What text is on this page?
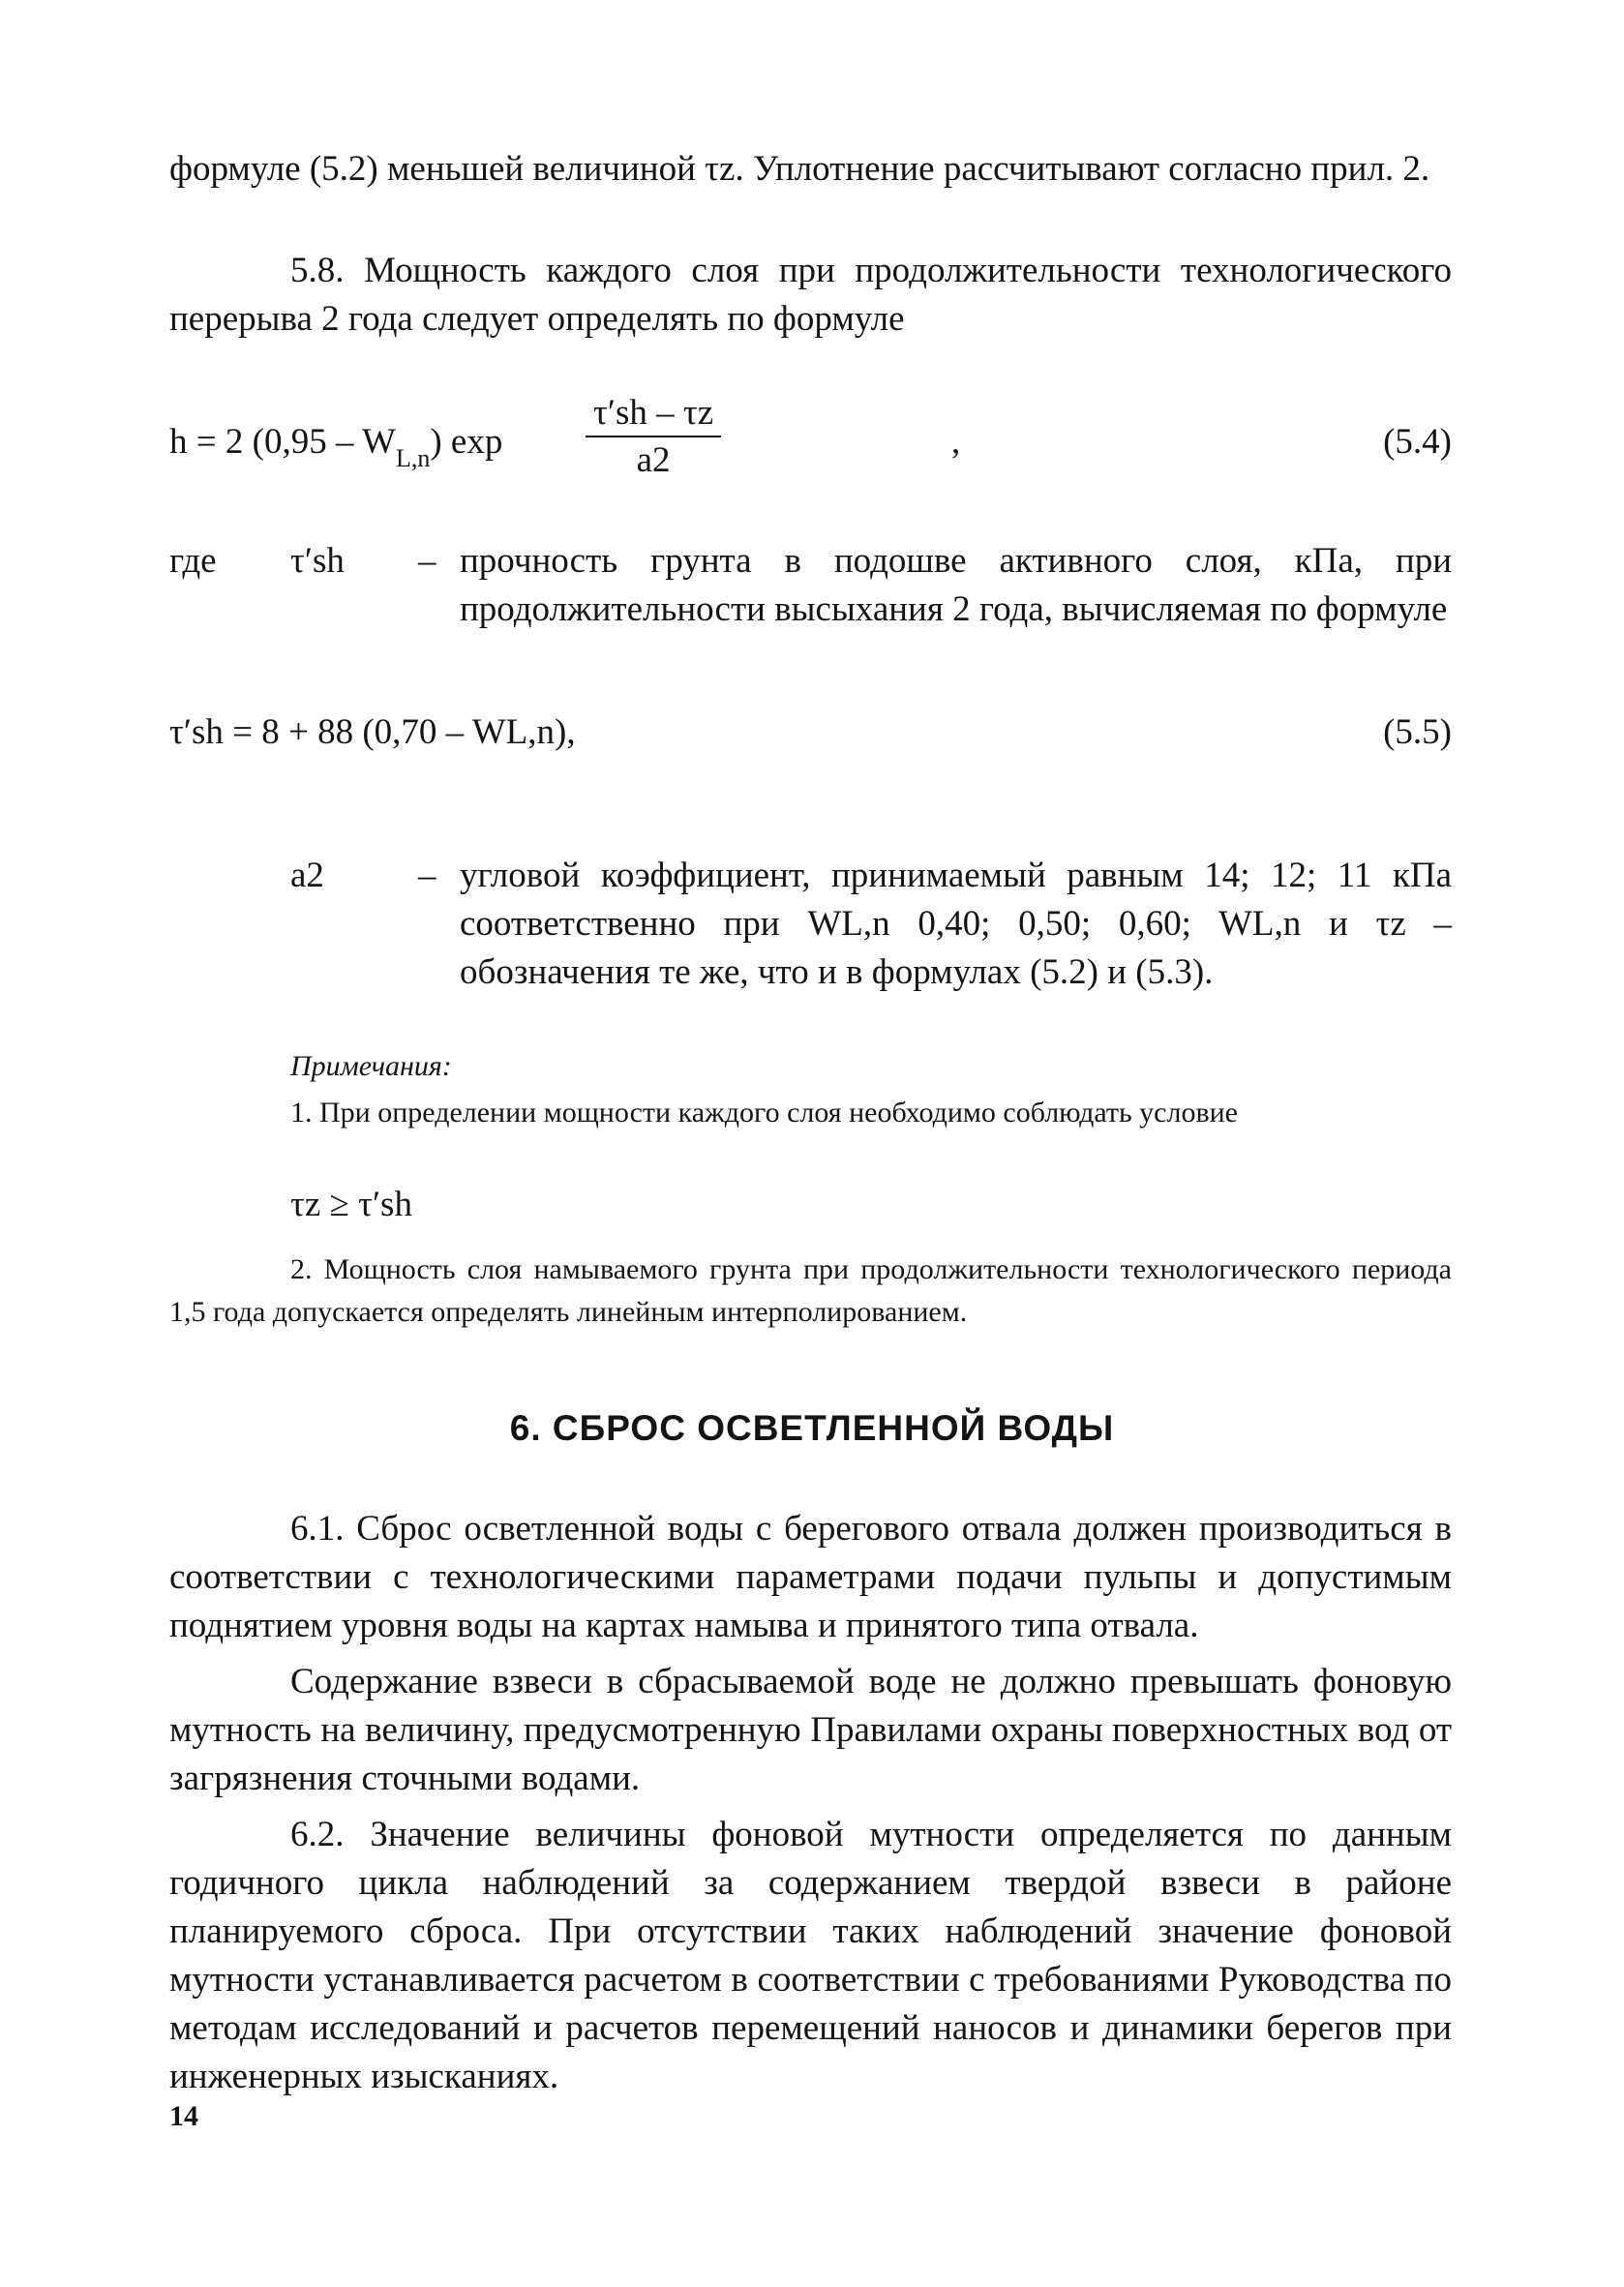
формуле (5.2) меньшей величиной τz. Уплотнение рассчитывают согласно прил. 2.

5.8. Мощность каждого слоя при продолжительности технологического перерыва 2 года следует определять по формуле

h = 2 $(0,95 - W_{L,n})$ $\exp \frac{\tau'sh - \tau z}{a2}$	,	(5.4)
где τ′sh – прочность грунта в подошве активного слоя, кПа, при продолжительности высыхания 2 года, вычисляемая по формуле
τ′sh = 8 + 88 (0,70 – WL,n),	(5.5)
a2	– угловой коэффициент, принимаемый равным 14; 12; 11 кПа соответственно при WL,n 0,40; 0,50; 0,60; WL,n и τz – обозначения те же, что и в формулах (5.2) и (5.3).
Примечания:

1. При определении мощности каждого слоя необходимо соблюдать условие

τz ≥ τ′sh

2. Мощность слоя намываемого грунта при продолжительности технологического периода 1,5 года допускается определять линейным интерполированием.

6. СБРОС ОСВЕТЛЕННОЙ ВОДЫ

6.1. Сброс осветленной воды с берегового отвала должен производиться в соответствии с технологическими параметрами подачи пульпы и допустимым поднятием уровня воды на картах намыва и принятого типа отвала.

Содержание взвеси в сбрасываемой воде не должно превышать фоновую мутность на величину, предусмотренную Правилами охраны поверхностных вод от загрязнения сточными водами.

6.2. Значение величины фоновой мутности определяется по данным годичного цикла наблюдений за содержанием твердой взвеси в районе планируемого сброса. При отсутствии таких наблюдений значение фоновой мутности устанавливается расчетом в соответствии с требованиями Руководства по методам исследований и расчетов перемещений наносов и динамики берегов при инженерных изысканиях.

14
